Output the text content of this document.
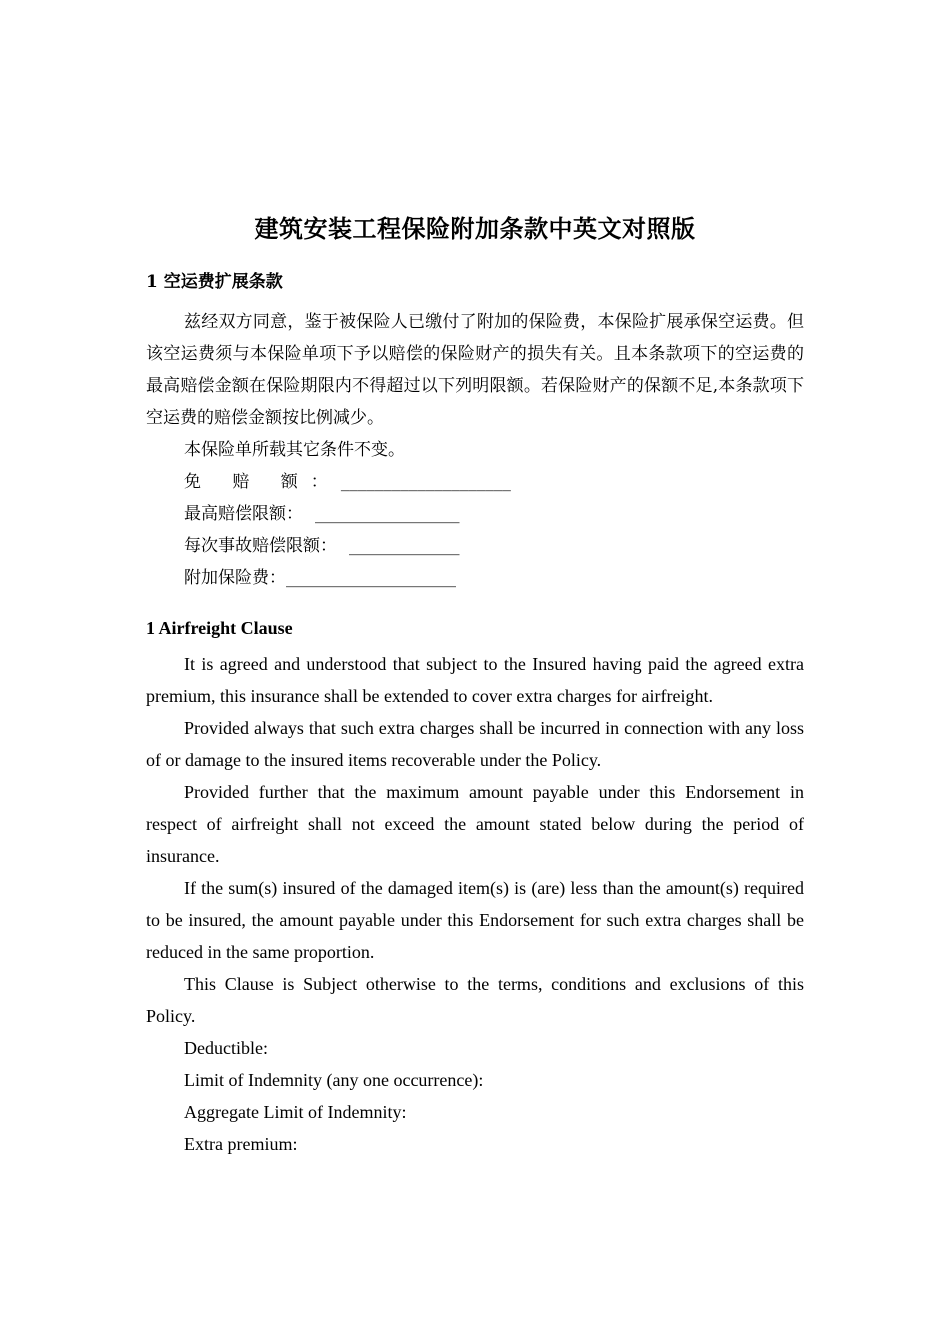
建筑安装工程保险附加条款中英文对照版
1 空运费扩展条款

兹经双方同意，鉴于被保险人已缴付了附加的保险费，本保险扩展承保空运费。但该空运费须与本保险单项下予以赔偿的保险财产的损失有关。且本条款项下的空运费的最高赔偿金额在保险期限内不得超过以下列明限额。若保险财产的保额不足,本条款项下空运费的赔偿金额按比例减少。

本保险单所载其它条件不变。

免 赔 额：____________________
最高赔偿限额： _________________
每次事故赔偿限额： _____________
附加保险费：____________________
1 Airfreight Clause

It is agreed and understood that subject to the Insured having paid the agreed extra premium, this insurance shall be extended to cover extra charges for airfreight.

Provided always that such extra charges shall be incurred in connection with any loss of or damage to the insured items recoverable under the Policy.

Provided further that the maximum amount payable under this Endorsement in respect of airfreight shall not exceed the amount stated below during the period of insurance.

If the sum(s) insured of the damaged item(s) is (are) less than the amount(s) required to be insured, the amount payable under this Endorsement for such extra charges shall be reduced in the same proportion.

This Clause is Subject otherwise to the terms, conditions and exclusions of this Policy.

Deductible:
Limit of Indemnity (any one occurrence):
Aggregate Limit of Indemnity:
Extra premium:
